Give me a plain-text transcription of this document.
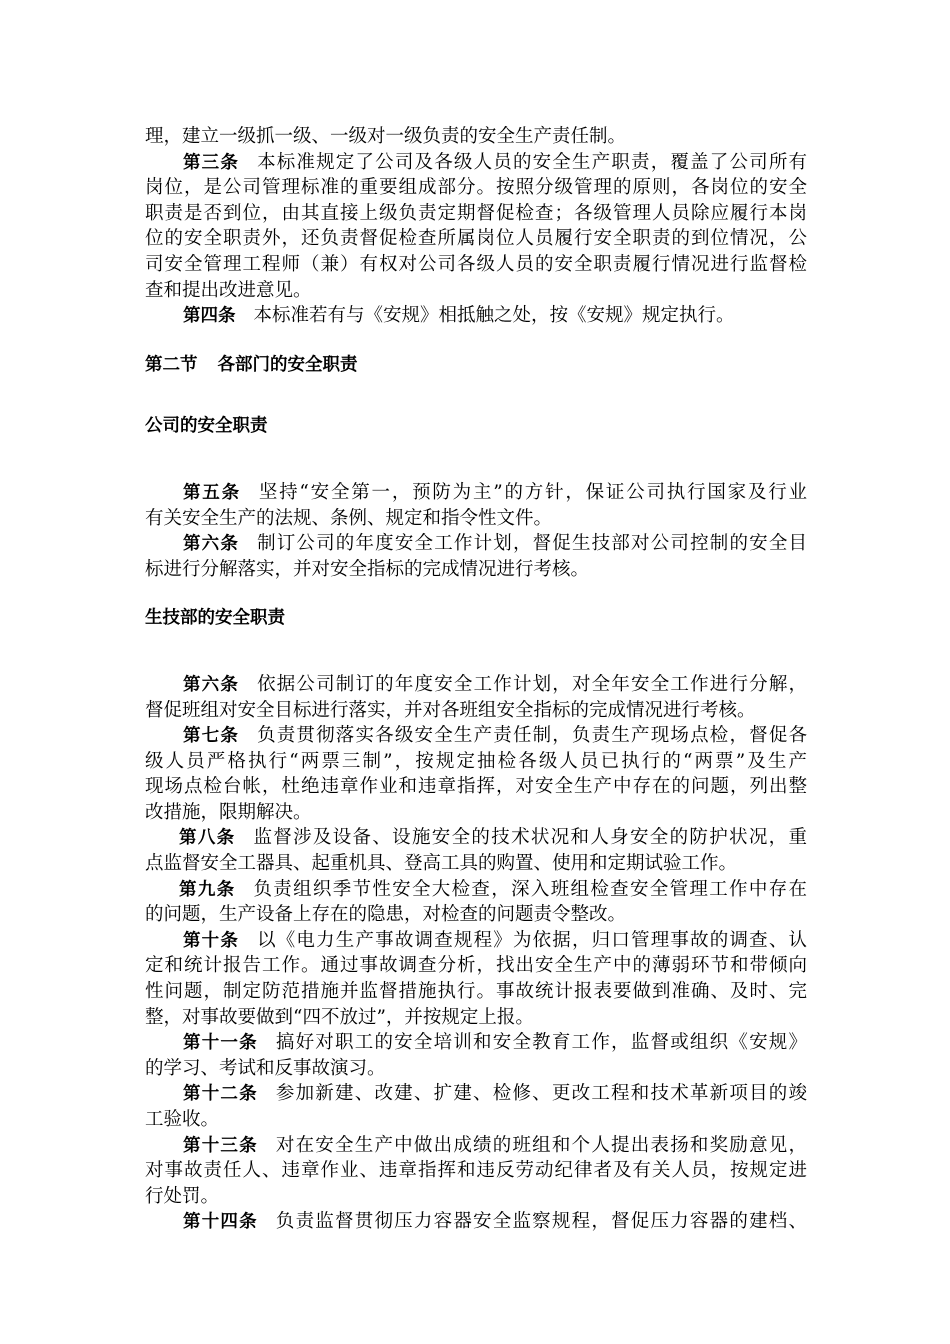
理，建立一级抓一级、一级对一级负责的安全生产责任制。
第三条 本标准规定了公司及各级人员的安全生产职责，覆盖了公司所有
岗位，是公司管理标准的重要组成部分。按照分级管理的原则，各岗位的安全
职责是否到位，由其直接上级负责定期督促检查；各级管理人员除应履行本岗
位的安全职责外，还负责督促检查所属岗位人员履行安全职责的到位情况，公
司安全管理工程师（兼）有权对公司各级人员的安全职责履行情况进行监督检
查和提出改进意见。
第四条 本标准若有与《安规》相抵触之处，按《安规》规定执行。
第二节 各部门的安全职责
公司的安全职责
第五条 坚持“安全第一，预防为主”的方针，保证公司执行国家及行业
有关安全生产的法规、条例、规定和指令性文件。
第六条 制订公司的年度安全工作计划，督促生技部对公司控制的安全目
标进行分解落实，并对安全指标的完成情况进行考核。
生技部的安全职责
第六条 依据公司制订的年度安全工作计划，对全年安全工作进行分解，
督促班组对安全目标进行落实，并对各班组安全指标的完成情况进行考核。
第七条 负责贯彻落实各级安全生产责任制，负责生产现场点检，督促各
级人员严格执行“两票三制”，按规定抽检各级人员已执行的“两票”及生产
现场点检台帐，杜绝违章作业和违章指挥，对安全生产中存在的问题，列出整
改措施，限期解决。
第八条 监督涉及设备、设施安全的技术状况和人身安全的防护状况，重
点监督安全工器具、起重机具、登高工具的购置、使用和定期试验工作。
第九条 负责组织季节性安全大检查，深入班组检查安全管理工作中存在
的问题，生产设备上存在的隐患，对检查的问题责令整改。
第十条 以《电力生产事故调查规程》为依据，归口管理事故的调查、认
定和统计报告工作。通过事故调查分析，找出安全生产中的薄弱环节和带倾向
性问题，制定防范措施并监督措施执行。事故统计报表要做到准确、及时、完
整，对事故要做到“四不放过”，并按规定上报。
第十一条 搞好对职工的安全培训和安全教育工作，监督或组织《安规》
的学习、考试和反事故演习。
第十二条 参加新建、改建、扩建、检修、更改工程和技术革新项目的竣
工验收。
第十三条 对在安全生产中做出成绩的班组和个人提出表扬和奖励意见，
对事故责任人、违章作业、违章指挥和违反劳动纪律者及有关人员，按规定进
行处罚。
第十四条 负责监督贯彻压力容器安全监察规程，督促压力容器的建档、
